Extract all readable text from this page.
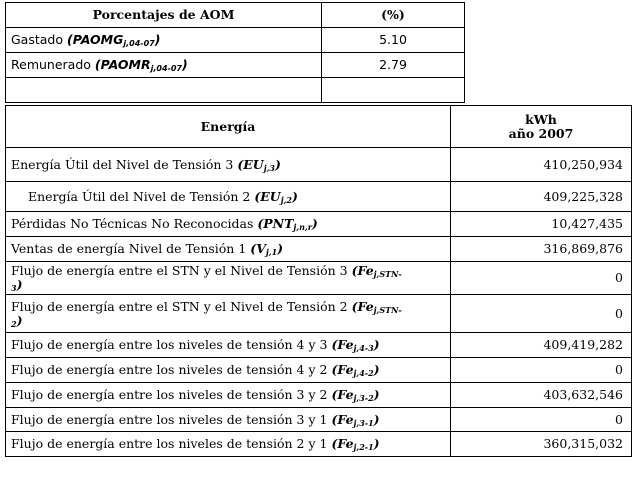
Porcentajes de AOM	(%)
Gastado $(PAOMG_{j,04-07})$	5.10
Remunerado $(PAOMR_{j,04-07})$	2.79

Energía	kWh
año 2007
Energía Útil del Nivel de Tensión 3 $(EU_{j,3})$	410,250,934
Energía Útil del Nivel de Tensión 2 $(EU_{j,2})$	409,225,328
Pérdidas No Técnicas No Reconocidas $(PNT_{j,n,r})$	10,427,435
Ventas de energía Nivel de Tensión 1 $(V_{j,1})$	316,869,876
Flujo de energía entre el STN y el Nivel de Tensión 3 ($Fe_{j,STN-}$
$_3$)	0
Flujo de energía entre el STN y el Nivel de Tensión 2 ($Fe_{j,STN-}$
$_2$)	0
Flujo de energía entre los niveles de tensión 4 y 3 $(Fe_{j,4-3})$	409,419,282
Flujo de energía entre los niveles de tensión 4 y 2 $(Fe_{j,4-2})$	0
Flujo de energía entre los niveles de tensión 3 y 2 $(Fe_{j,3-2})$	403,632,546
Flujo de energía entre los niveles de tensión 3 y 1 $(Fe_{j,3-1})$	0
Flujo de energía entre los niveles de tensión 2 y 1 $(Fe_{j,2-1})$	360,315,032
